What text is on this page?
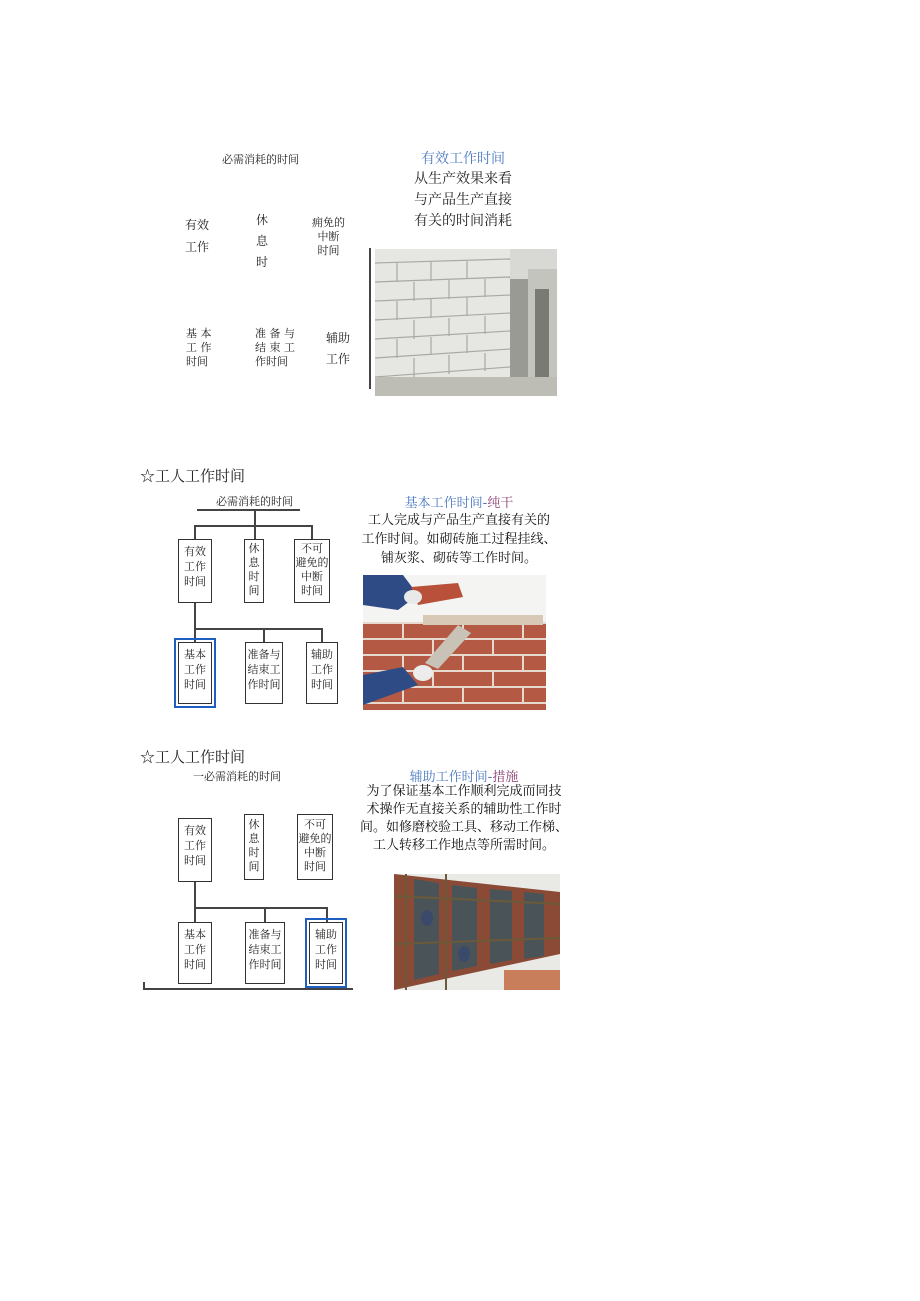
必需消耗的时间
有效
工作
休
息
时
痈免的
中断
时间
基 本
工 作
时间
准 备 与
结 束 工
作时间
辅助
工作
有效工作时间
从生产效果来看
与产品生产直接
有关的时间消耗
☆工人工作时间
必需消耗的时间
有效
工作
时间
休
息
时
间
不可
避免的
中断
时间
基本
工作
时间
准备与
结束工
作时间
辅助
工作
时间
基本工作时间-纯干
工人完成与产品生产直接有关的
工作时间。如砌砖施工过程挂线、
铺灰浆、砌砖等工作时间。
☆工人工作时间
一必需消耗的时间
有效
工作
时间
休
息
时
间
不可
避免的
中断
时间
基本
工作
时间
准备与
结束工
作时间
辅助
工作
时间
辅助工作时间-措施
为了保证基本工作顺利完成而同技
术操作无直接关系的辅助性工作时
间。如修磨校验工具、移动工作梯、
工人转移工作地点等所需时间。
